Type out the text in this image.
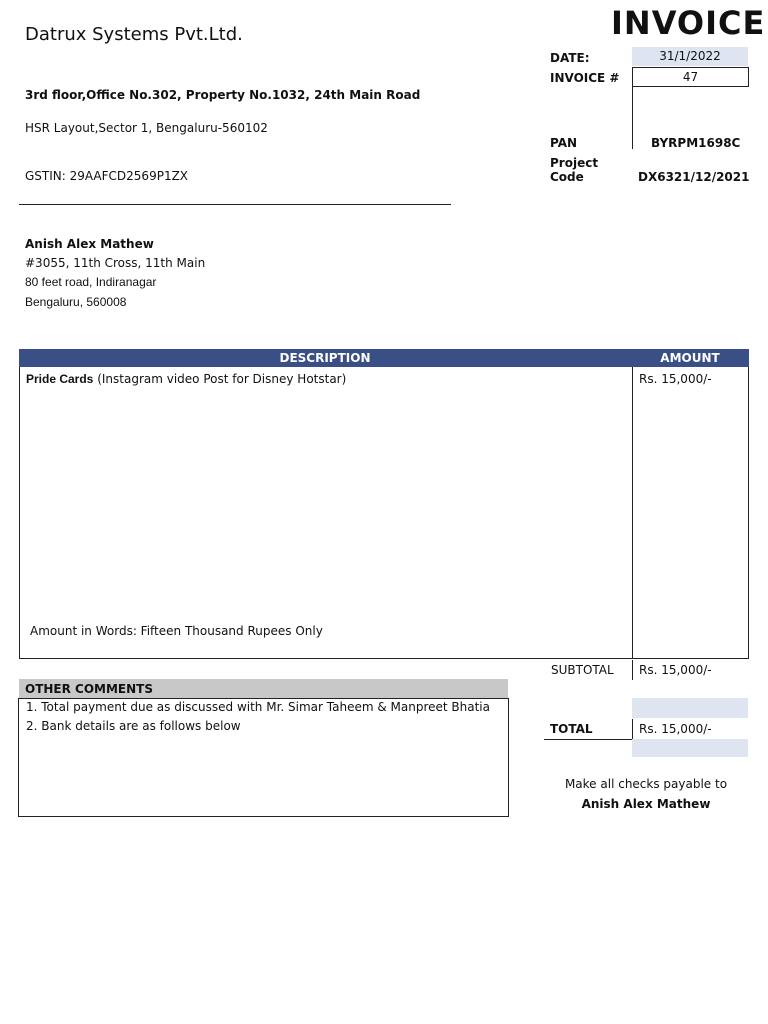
Datrux Systems Pvt.Ltd.	INVOICE
3rd floor,Office No.302, Property No.1032, 24th Main Road
HSR Layout,Sector 1, Bengaluru-560102
GSTIN: 29AAFCD2569P1ZX
DATE:	31/1/2022
INVOICE #	47
PAN	BYRPM1698C
Project
Code	DX6321/12/2021
Anish Alex Mathew
#3055, 11th Cross, 11th Main
80 feet road, Indiranagar
Bengaluru, 560008
DESCRIPTION	AMOUNT
Pride Cards (Instagram video Post for Disney Hotstar)	Rs. 15,000/-
Amount in Words: Fifteen Thousand Rupees Only
SUBTOTAL Rs. 15,000/-
TOTAL	Rs. 15,000/-
OTHER COMMENTS
1. Total payment due as discussed with Mr. Simar Taheem & Manpreet Bhatia
2. Bank details are as follows below
Make all checks payable to
Anish Alex Mathew
